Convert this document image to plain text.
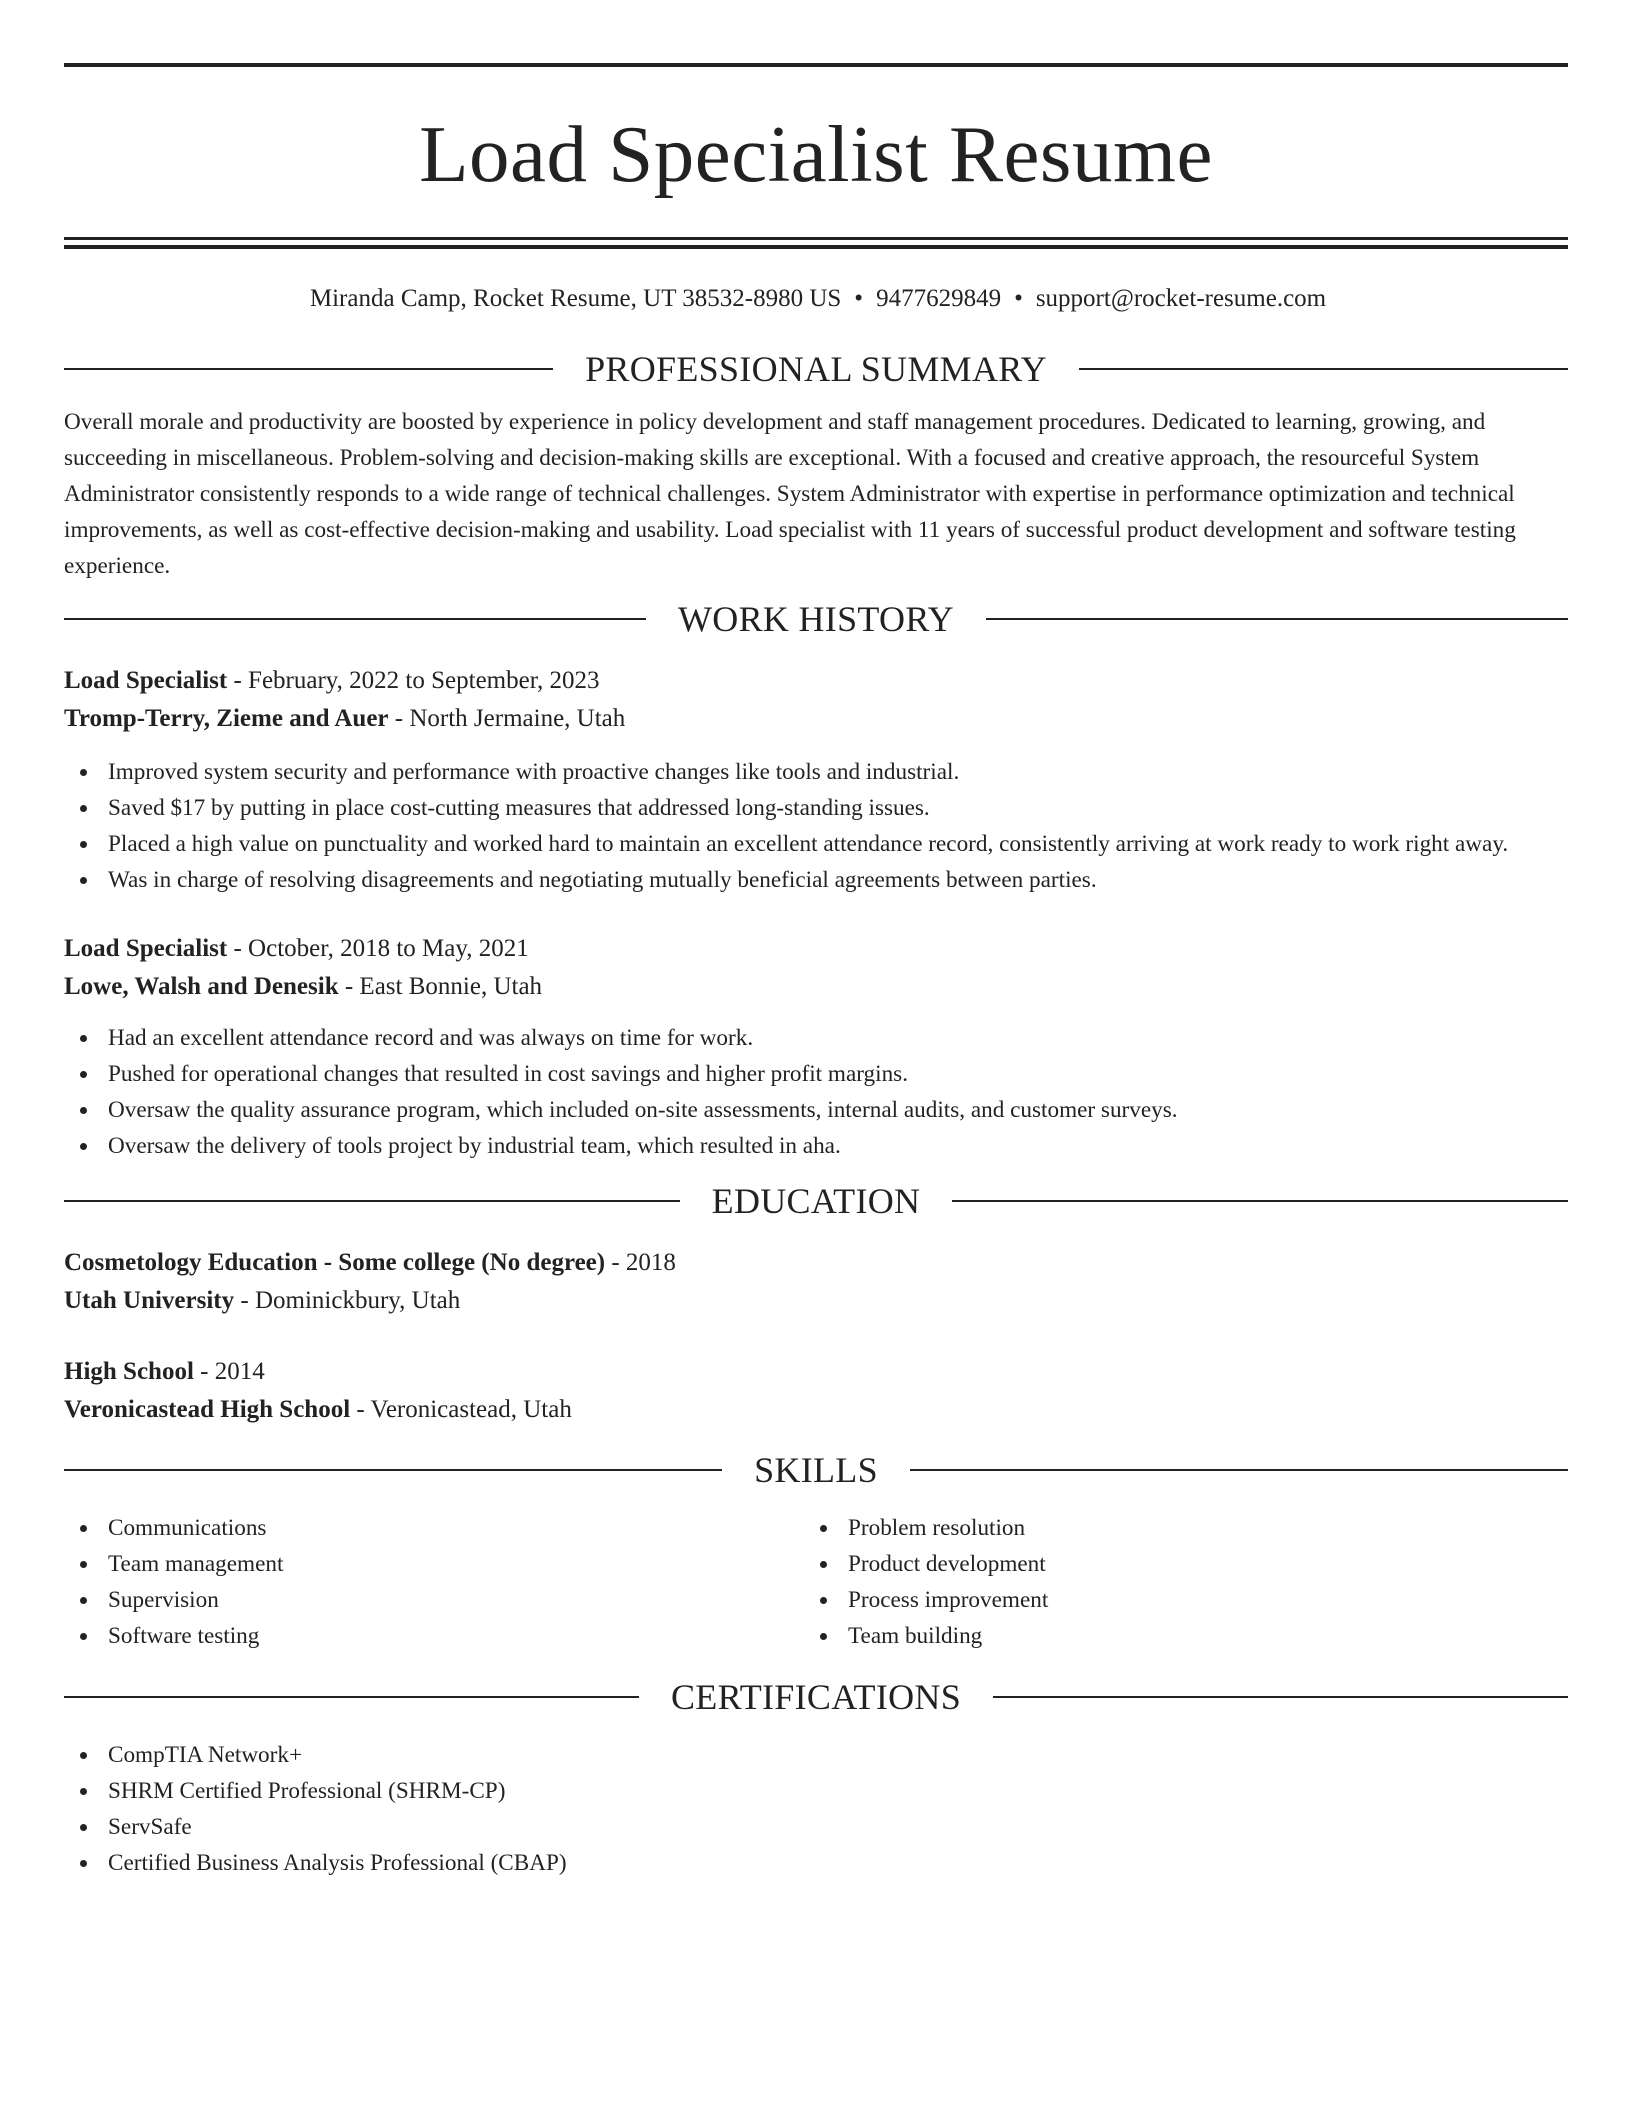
Load Specialist Resume
Miranda Camp, Rocket Resume, UT 38532-8980 US • 9477629849 • support@rocket-resume.com
PROFESSIONAL SUMMARY
Overall morale and productivity are boosted by experience in policy development and staff management procedures. Dedicated to learning, growing, and succeeding in miscellaneous. Problem-solving and decision-making skills are exceptional. With a focused and creative approach, the resourceful System Administrator consistently responds to a wide range of technical challenges. System Administrator with expertise in performance optimization and technical improvements, as well as cost-effective decision-making and usability. Load specialist with 11 years of successful product development and software testing experience.
WORK HISTORY
Load Specialist - February, 2022 to September, 2023
Tromp-Terry, Zieme and Auer - North Jermaine, Utah
Improved system security and performance with proactive changes like tools and industrial.
Saved $17 by putting in place cost-cutting measures that addressed long-standing issues.
Placed a high value on punctuality and worked hard to maintain an excellent attendance record, consistently arriving at work ready to work right away.
Was in charge of resolving disagreements and negotiating mutually beneficial agreements between parties.
Load Specialist - October, 2018 to May, 2021
Lowe, Walsh and Denesik - East Bonnie, Utah
Had an excellent attendance record and was always on time for work.
Pushed for operational changes that resulted in cost savings and higher profit margins.
Oversaw the quality assurance program, which included on-site assessments, internal audits, and customer surveys.
Oversaw the delivery of tools project by industrial team, which resulted in aha.
EDUCATION
Cosmetology Education - Some college (No degree) - 2018
Utah University - Dominickbury, Utah
High School - 2014
Veronicastead High School - Veronicastead, Utah
SKILLS
Communications
Team management
Supervision
Software testing
Problem resolution
Product development
Process improvement
Team building
CERTIFICATIONS
CompTIA Network+
SHRM Certified Professional (SHRM-CP)
ServSafe
Certified Business Analysis Professional (CBAP)
